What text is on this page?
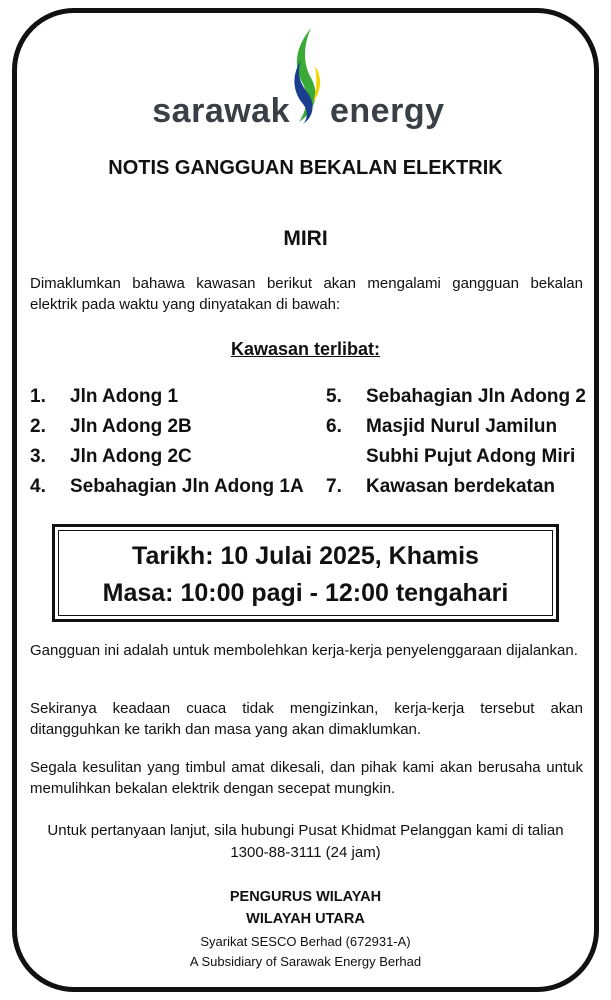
sarawak energy
NOTIS GANGGUAN BEKALAN ELEKTRIK
MIRI

Dimaklumkan bahawa kawasan berikut akan mengalami gangguan bekalan elektrik pada waktu yang dinyatakan di bawah:

Kawasan terlibat:
1.	Jln Adong 1
2.	Jln Adong 2B
3.	Jln Adong 2C
4.	Sebahagian Jln Adong 1A
5.	Sebahagian Jln Adong 2
6.	Masjid Nurul Jamilun Subhi Pujut Adong Miri
7.	Kawasan berdekatan

Tarikh: 10 Julai 2025, Khamis

Masa: 10:00 pagi - 12:00 tengahari

Gangguan ini adalah untuk membolehkan kerja-kerja penyelenggaraan dijalankan.

Sekiranya keadaan cuaca tidak mengizinkan, kerja-kerja tersebut akan ditangguhkan ke tarikh dan masa yang akan dimaklumkan.

Segala kesulitan yang timbul amat dikesali, dan pihak kami akan berusaha untuk memulihkan bekalan elektrik dengan secepat mungkin.

Untuk pertanyaan lanjut, sila hubungi Pusat Khidmat Pelanggan kami di talian
1300-88-3111 (24 jam)

PENGURUS WILAYAH

WILAYAH UTARA

Syarikat SESCO Berhad (672931-A)

A Subsidiary of Sarawak Energy Berhad
